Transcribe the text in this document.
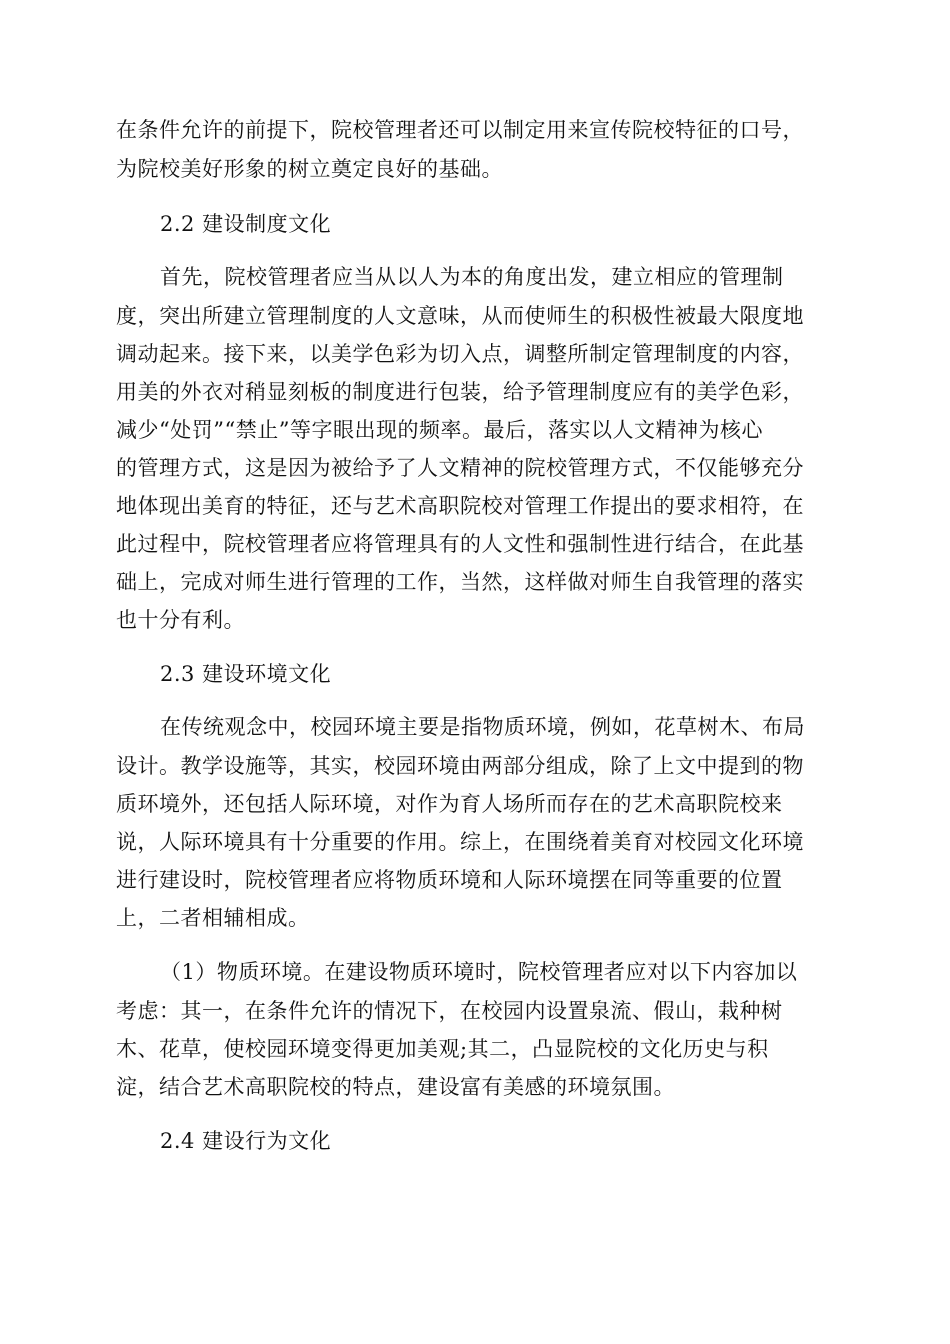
在条件允许的前提下，院校管理者还可以制定用来宣传院校特征的口号，
为院校美好形象的树立奠定良好的基础。
2.2 建设制度文化
首先，院校管理者应当从以人为本的角度出发，建立相应的管理制
度，突出所建立管理制度的人文意味，从而使师生的积极性被最大限度地
调动起来。接下来，以美学色彩为切入点，调整所制定管理制度的内容，
用美的外衣对稍显刻板的制度进行包装，给予管理制度应有的美学色彩，
减少“处罚”“禁止”等字眼出现的频率。最后，落实以人文精神为核心
的管理方式，这是因为被给予了人文精神的院校管理方式，不仅能够充分
地体现出美育的特征，还与艺术高职院校对管理工作提出的要求相符，在
此过程中，院校管理者应将管理具有的人文性和强制性进行结合，在此基
础上，完成对师生进行管理的工作，当然，这样做对师生自我管理的落实
也十分有利。
2.3 建设环境文化
在传统观念中，校园环境主要是指物质环境，例如，花草树木、布局
设计。教学设施等，其实，校园环境由两部分组成，除了上文中提到的物
质环境外，还包括人际环境，对作为育人场所而存在的艺术高职院校来
说，人际环境具有十分重要的作用。综上，在围绕着美育对校园文化环境
进行建设时，院校管理者应将物质环境和人际环境摆在同等重要的位置
上，二者相辅相成。
（1）物质环境。在建设物质环境时，院校管理者应对以下内容加以
考虑：其一，在条件允许的情况下，在校园内设置泉流、假山，栽种树
木、花草，使校园环境变得更加美观;其二，凸显院校的文化历史与积
淀，结合艺术高职院校的特点，建设富有美感的环境氛围。
2.4 建设行为文化
